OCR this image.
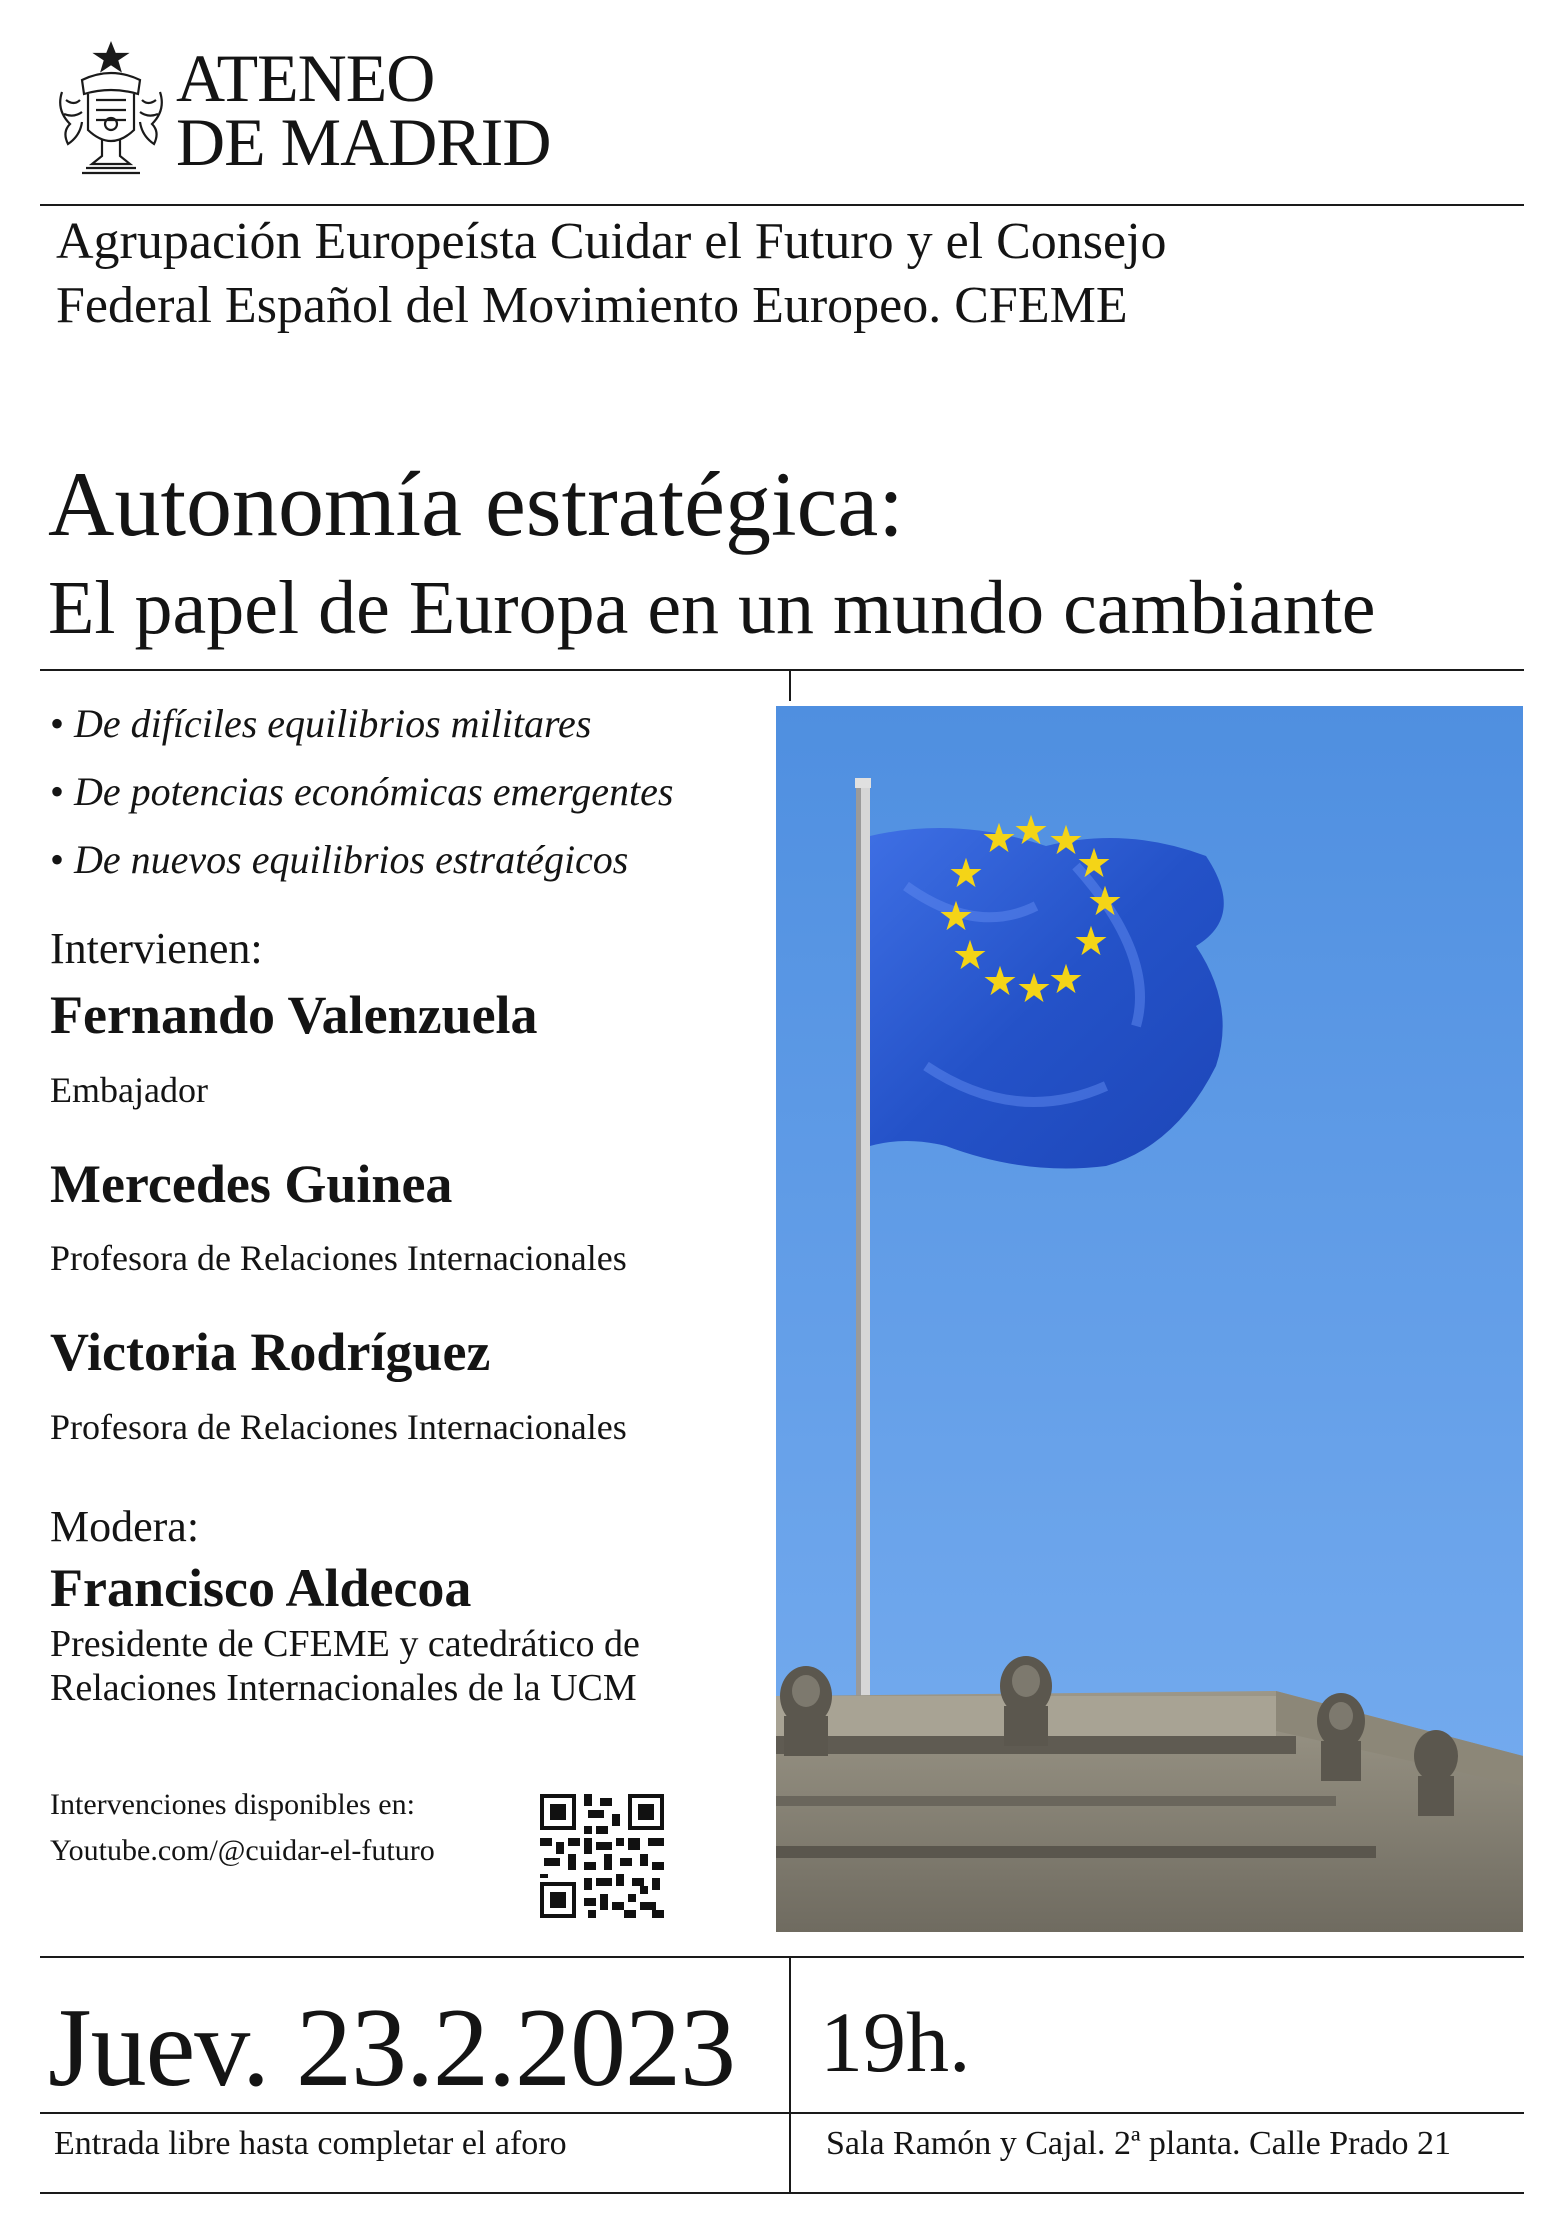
ATENEO
DE MADRID
Agrupación Europeísta Cuidar el Futuro y el Consejo
Federal Español del Movimiento Europeo. CFEME
Autonomía estratégica:
El papel de Europa en un mundo cambiante
• De difíciles equilibrios militares
• De potencias económicas emergentes
• De nuevos equilibrios estratégicos
Intervienen:
Fernando Valenzuela
Embajador
Mercedes Guinea
Profesora de Relaciones Internacionales
Victoria Rodríguez
Profesora de Relaciones Internacionales
Modera:
Francisco Aldecoa
Presidente de CFEME y catedrático de
Relaciones Internacionales de la UCM
Intervenciones disponibles en:
Youtube.com/@cuidar-el-futuro
Juev. 23.2.2023 19h.
Entrada libre hasta completar el aforo	Sala Ramón y Cajal. 2ª planta. Calle Prado 21
